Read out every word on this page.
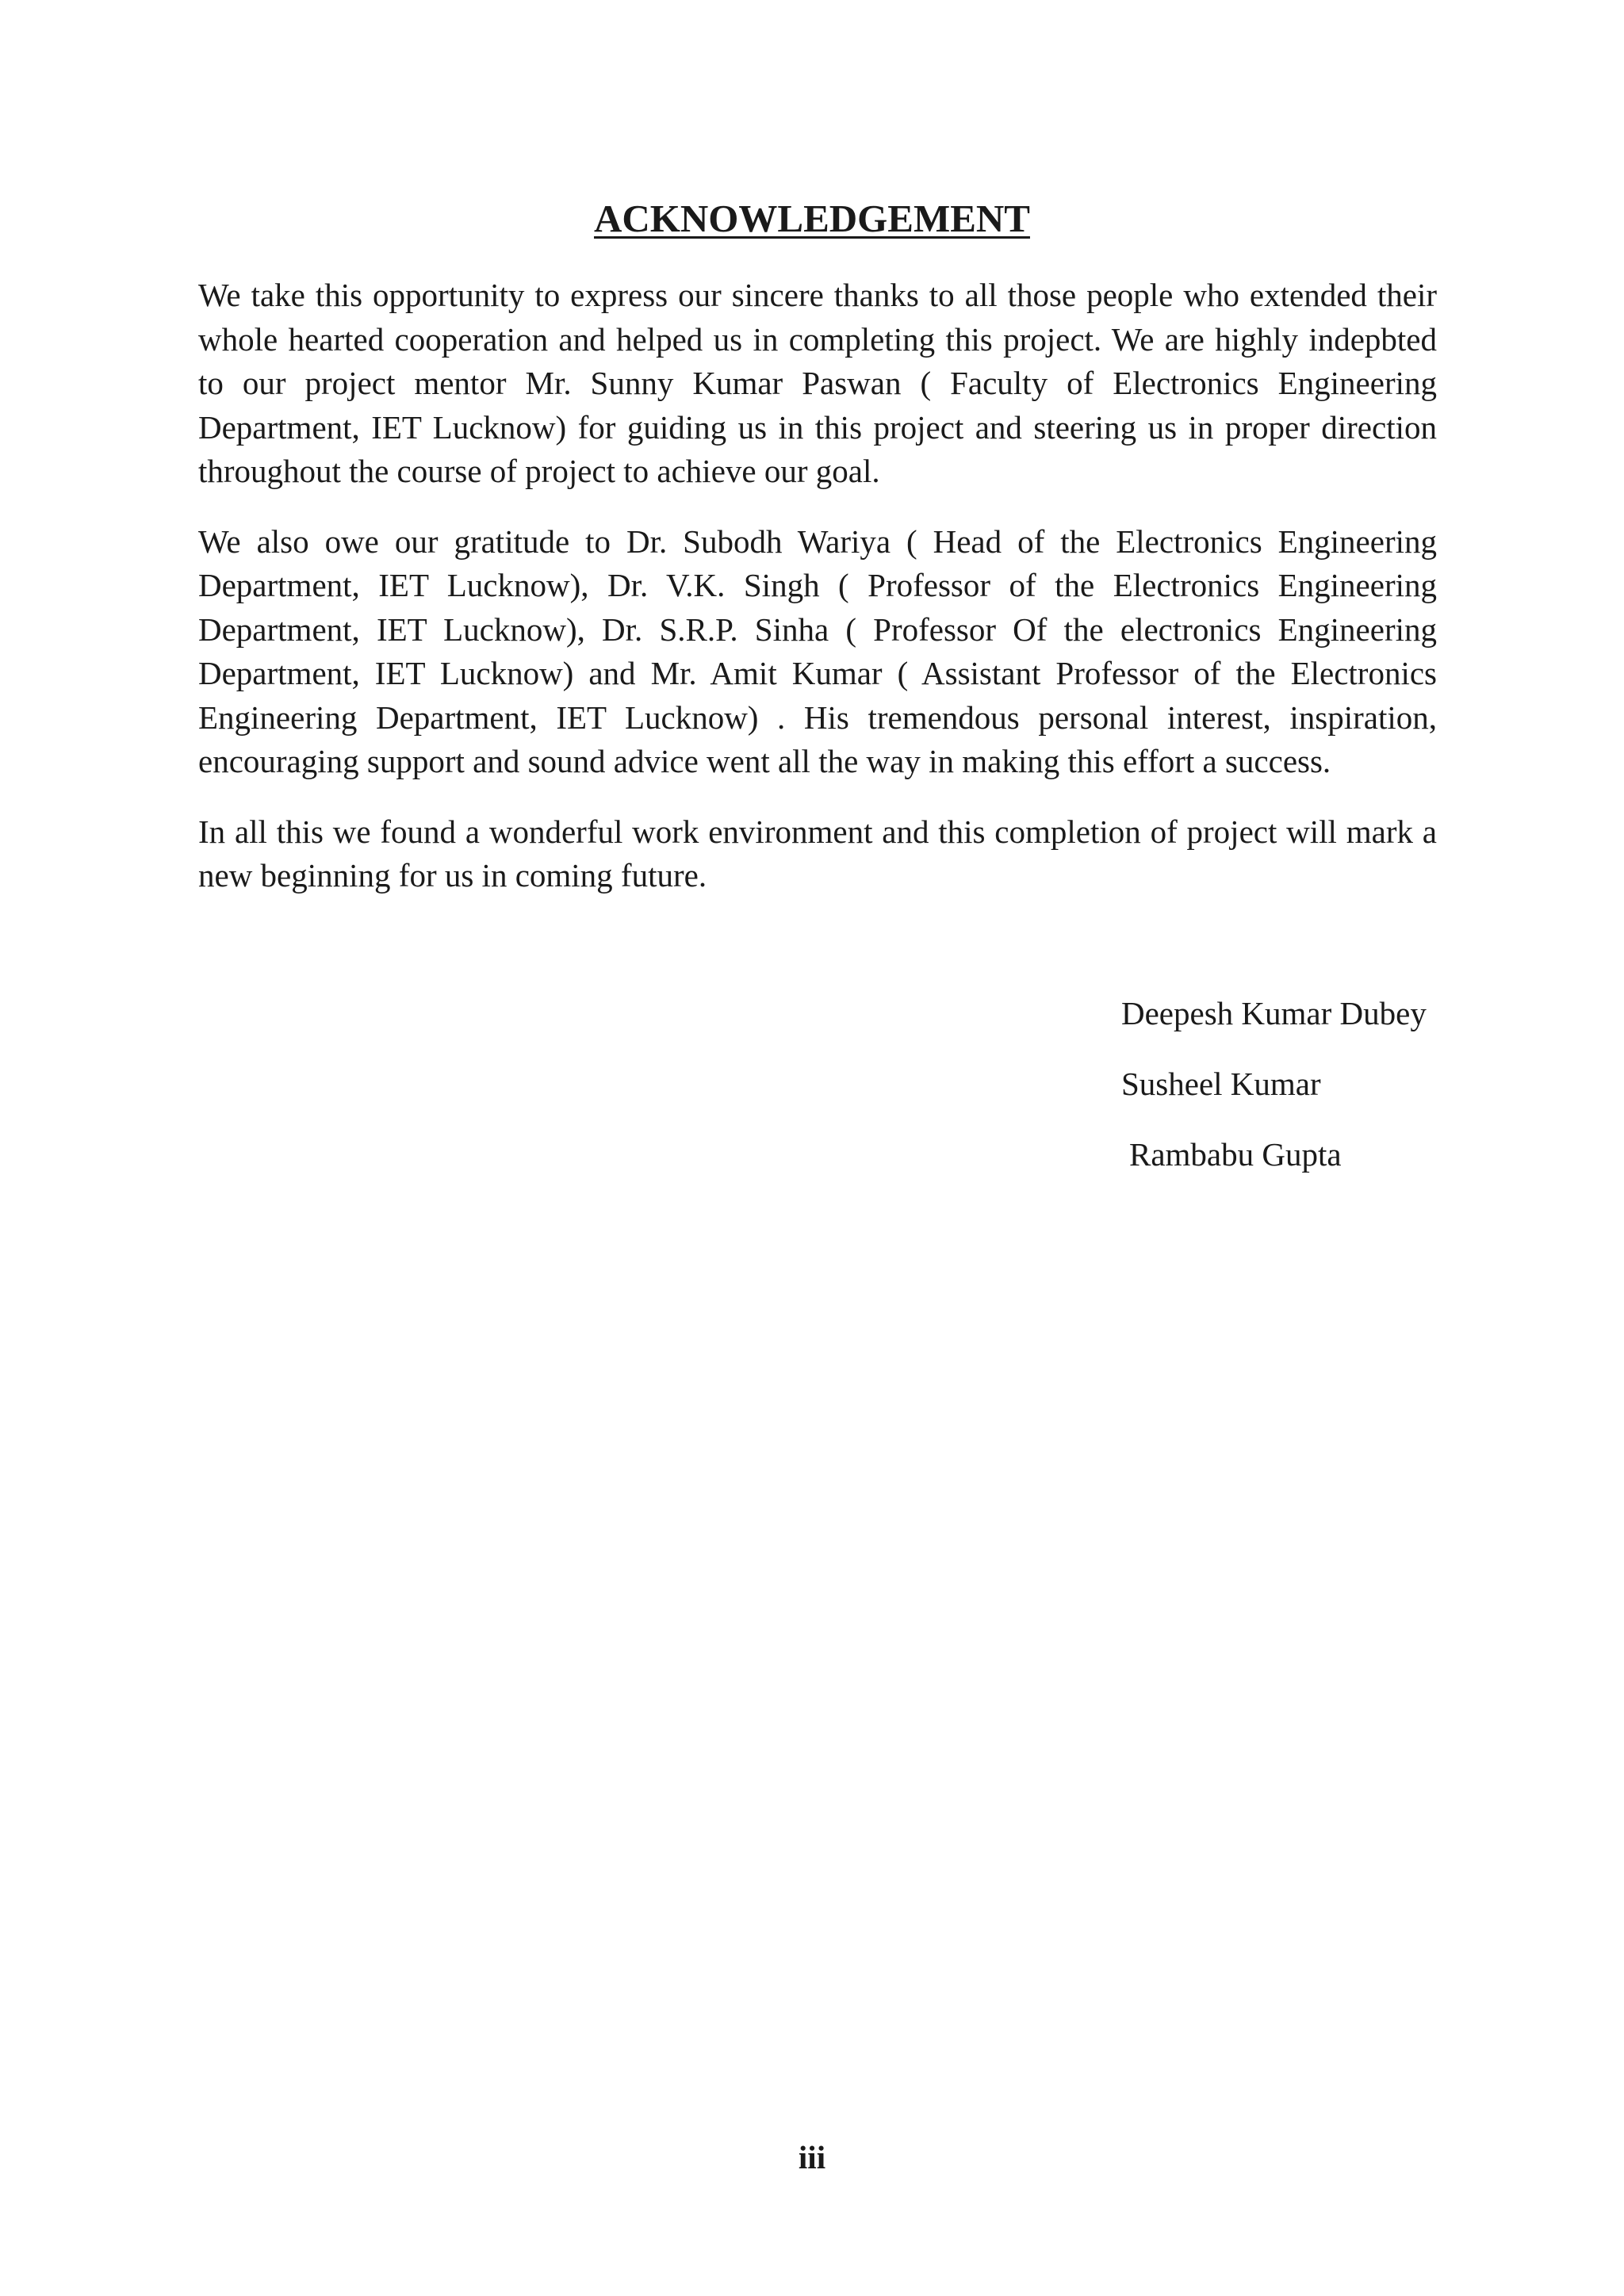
ACKNOWLEDGEMENT

We take this opportunity to express our sincere thanks to all those people who extended their whole hearted cooperation and helped us in completing this project. We are highly indepbted to our project mentor Mr. Sunny Kumar Paswan ( Faculty of Electronics Engineering Department, IET Lucknow) for guiding us in this project and steering us in proper direction throughout the course of project to achieve our goal.

We also owe our gratitude to Dr. Subodh Wariya ( Head of the Electronics Engineering Department, IET Lucknow), Dr. V.K. Singh ( Professor of the Electronics Engineering Department, IET Lucknow), Dr. S.R.P. Sinha ( Professor Of the electronics Engineering Department, IET Lucknow) and Mr. Amit Kumar ( Assistant Professor of the Electronics Engineering Department, IET Lucknow) . His tremendous personal interest, inspiration, encouraging support and sound advice went all the way in making this effort a success.

In all this we found a wonderful work environment and this completion of project will mark a new beginning for us in coming future.

Deepesh Kumar Dubey
Susheel Kumar
Rambabu Gupta
iii
